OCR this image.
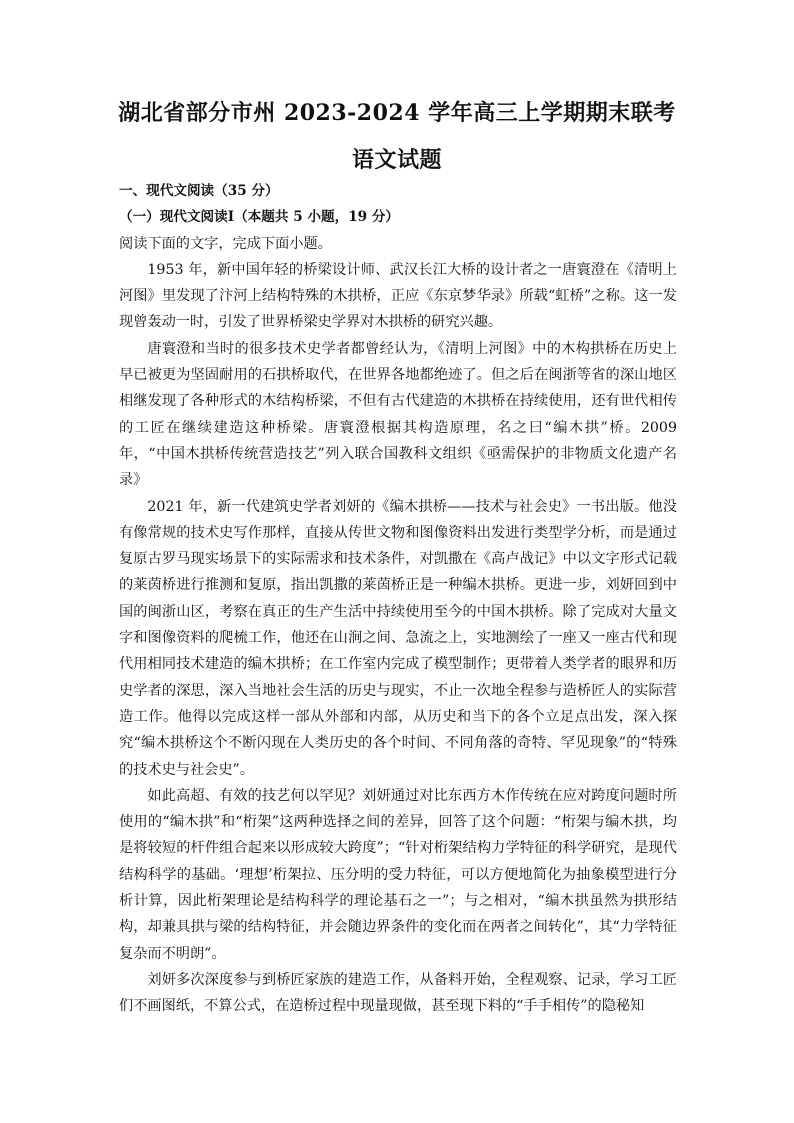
湖北省部分市州 2023-2024 学年高三上学期期末联考
语文试题

一、现代文阅读（35 分）

（一）现代文阅读Ⅰ（本题共 5 小题，19 分）

阅读下面的文字，完成下面小题。

1953 年，新中国年轻的桥梁设计师、武汉长江大桥的设计者之一唐寰澄在《清明上河图》里发现了汴河上结构特殊的木拱桥，正应《东京梦华录》所载“虹桥”之称。这一发现曾轰动一时，引发了世界桥梁史学界对木拱桥的研究兴趣。

唐寰澄和当时的很多技术史学者都曾经认为，《清明上河图》中的木构拱桥在历史上早已被更为坚固耐用的石拱桥取代，在世界各地都绝迹了。但之后在闽浙等省的深山地区相继发现了各种形式的木结构桥梁，不但有古代建造的木拱桥在持续使用，还有世代相传的工匠在继续建造这种桥梁。唐寰澄根据其构造原理，名之曰“编木拱”桥。2009 年，“中国木拱桥传统营造技艺”列入联合国教科文组织《亟需保护的非物质文化遗产名录》

2021 年，新一代建筑史学者刘妍的《编木拱桥——技术与社会史》一书出版。他没有像常规的技术史写作那样，直接从传世文物和图像资料出发进行类型学分析，而是通过复原古罗马现实场景下的实际需求和技术条件，对凯撒在《高卢战记》中以文字形式记载的莱茵桥进行推测和复原，指出凯撒的莱茵桥正是一种编木拱桥。更进一步，刘妍回到中国的闽浙山区，考察在真正的生产生活中持续使用至今的中国木拱桥。除了完成对大量文字和图像资料的爬梳工作，他还在山涧之间、急流之上，实地测绘了一座又一座古代和现代用相同技术建造的编木拱桥；在工作室内完成了模型制作；更带着人类学者的眼界和历史学者的深思，深入当地社会生活的历史与现实，不止一次地全程参与造桥匠人的实际营造工作。他得以完成这样一部从外部和内部，从历史和当下的各个立足点出发，深入探究“编木拱桥这个不断闪现在人类历史的各个时间、不同角落的奇特、罕见现象”的“特殊的技术史与社会史”。

如此高超、有效的技艺何以罕见？刘妍通过对比东西方木作传统在应对跨度问题时所使用的“编木拱”和“桁架”这两种选择之间的差异，回答了这个问题：“桁架与编木拱，均是将较短的杆件组合起来以形成较大跨度”；“针对桁架结构力学特征的科学研究，是现代结构科学的基础。‘理想’桁架拉、压分明的受力特征，可以方便地简化为抽象模型进行分析计算，因此桁架理论是结构科学的理论基石之一”；与之相对，“编木拱虽然为拱形结构，却兼具拱与梁的结构特征，并会随边界条件的变化而在两者之间转化”，其“力学特征复杂而不明朗”。

刘妍多次深度参与到桥匠家族的建造工作，从备料开始，全程观察、记录，学习工匠们不画图纸，不算公式，在造桥过程中现量现做，甚至现下料的“手手相传”的隐秘知
